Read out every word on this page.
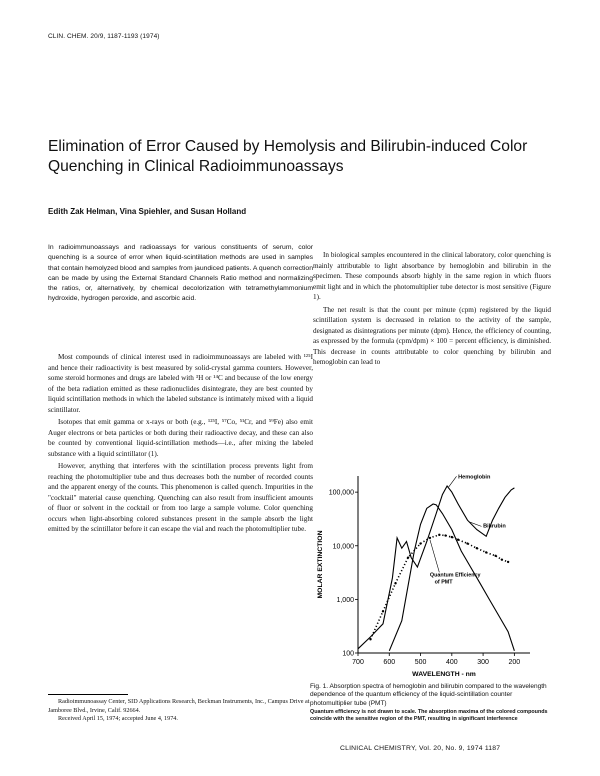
CLIN. CHEM. 20/9, 1187-1193 (1974)
Elimination of Error Caused by Hemolysis and Bilirubin-induced Color Quenching in Clinical Radioimmunoassays
Edith Zak Helman, Vina Spiehler, and Susan Holland
In radioimmunoassays and radioassays for various constituents of serum, color quenching is a source of error when liquid-scintillation methods are used in samples that contain hemolyzed blood and samples from jaundiced patients. A quench correction can be made by using the External Standard Channels Ratio method and normalizing the ratios, or, alternatively, by chemical decolorization with tetramethylammonium hydroxide, hydrogen peroxide, and ascorbic acid.

Most compounds of clinical interest used in radioimmunoassays are labeled with ¹²⁵I and hence their radioactivity is best measured by solid-crystal gamma counters. However, some steroid hormones and drugs are labeled with ³H or ¹⁴C and because of the low energy of the beta radiation emitted as these radionuclides disintegrate, they are best counted by liquid scintillation methods in which the labeled substance is intimately mixed with a liquid scintillator.

Isotopes that emit gamma or x-rays or both (e.g., ¹²⁵I, ⁵⁷Co, ⁵¹Cr, and ⁵⁹Fe) also emit Auger electrons or beta particles or both during their radioactive decay, and these can also be counted by conventional liquid-scintillation methods—i.e., after mixing the labeled substance with a liquid scintillator (1).

However, anything that interferes with the scintillation process prevents light from reaching the photomultiplier tube and thus decreases both the number of recorded counts and the apparent energy of the counts. This phenomenon is called quench. Impurities in the "cocktail" material cause quenching. Quenching can also result from insufficient amounts of fluor or solvent in the cocktail or from too large a sample volume. Color quenching occurs when light-absorbing colored substances present in the sample absorb the light emitted by the scintillator before it can escape the vial and reach the photomultiplier tube.

In biological samples encountered in the clinical laboratory, color quenching is mainly attributable to light absorbance by hemoglobin and bilirubin in the specimen. These compounds absorb highly in the same region in which fluors emit light and in which the photomultiplier tube detector is most sensitive (Figure 1).

The net result is that the count per minute (cpm) registered by the liquid scintillation system is decreased in relation to the activity of the sample, designated as disintegrations per minute (dpm). Hence, the efficiency of counting, as expressed by the formula (cpm/dpm) × 100 = percent efficiency, is diminished. This decrease in counts attributable to color quenching by bilirubin and hemoglobin can lead to

Radioimmunoassay Center, SID Applications Research, Beckman Instruments, Inc., Campus Drive at Jamboree Blvd., Irvine, Calif. 92664.

Received April 15, 1974; accepted June 4, 1974.

100
1,000
10,000
100,000
700	600	500	400	300	200
MOLAR EXTINCTION
WAVELENGTH - nm
Hemoglobin
Bilirubin
Quantum Efficiency
of PMT
Fig. 1. Absorption spectra of hemoglobin and bilirubin compared to the wavelength dependence of the quantum efficiency of the liquid-scintillation counter photomultiplier tube (PMT)
Quantum efficiency is not drawn to scale. The absorption maxima of the colored compounds coincide with the sensitive region of the PMT, resulting in significant interference
CLINICAL CHEMISTRY, Vol. 20, No. 9, 1974 1187
